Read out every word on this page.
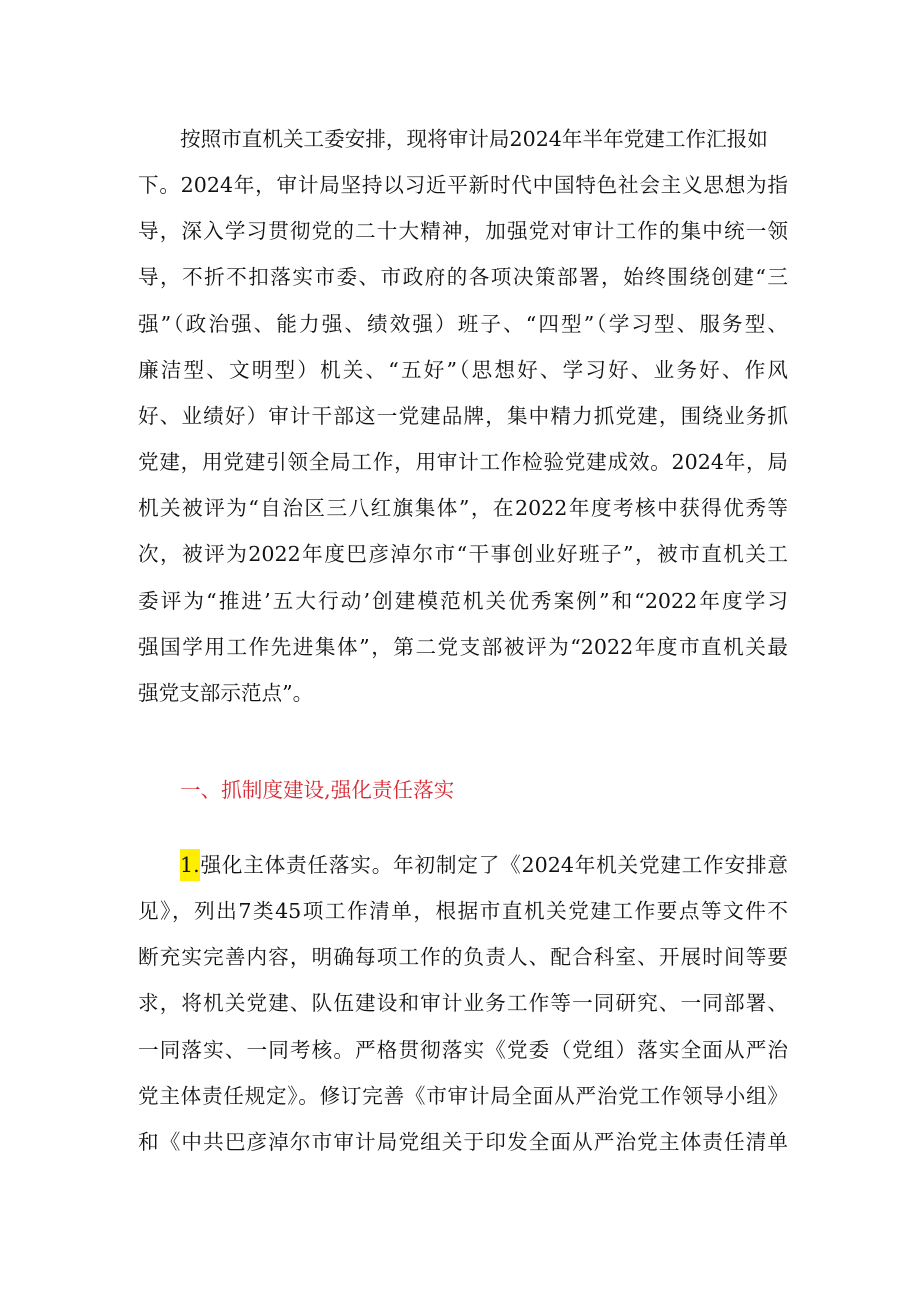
按照市直机关工委安排，现将审计局2024年半年党建工作汇报如
下。2024年，审计局坚持以习近平新时代中国特色社会主义思想为指
导，深入学习贯彻党的二十大精神，加强党对审计工作的集中统一领
导，不折不扣落实市委、市政府的各项决策部署，始终围绕创建“三
强”（政治强、能力强、绩效强）班子、“四型”（学习型、服务型、
廉洁型、文明型）机关、“五好”（思想好、学习好、业务好、作风
好、业绩好）审计干部这一党建品牌，集中精力抓党建，围绕业务抓
党建，用党建引领全局工作，用审计工作检验党建成效。2024年，局
机关被评为“自治区三八红旗集体”，在2022年度考核中获得优秀等
次，被评为2022年度巴彦淖尔市“干事创业好班子”，被市直机关工
委评为“推进’五大行动’创建模范机关优秀案例”和“2022年度学习
强国学用工作先进集体”，第二党支部被评为“2022年度市直机关最
强党支部示范点”。
一、抓制度建设,强化责任落实
1.强化主体责任落实。年初制定了《2024年机关党建工作安排意
见》，列出7类45项工作清单，根据市直机关党建工作要点等文件不
断充实完善内容，明确每项工作的负责人、配合科室、开展时间等要
求，将机关党建、队伍建设和审计业务工作等一同研究、一同部署、
一同落实、一同考核。严格贯彻落实《党委（党组）落实全面从严治
党主体责任规定》。修订完善《市审计局全面从严治党工作领导小组》
和《中共巴彦淖尔市审计局党组关于印发全面从严治党主体责任清单
